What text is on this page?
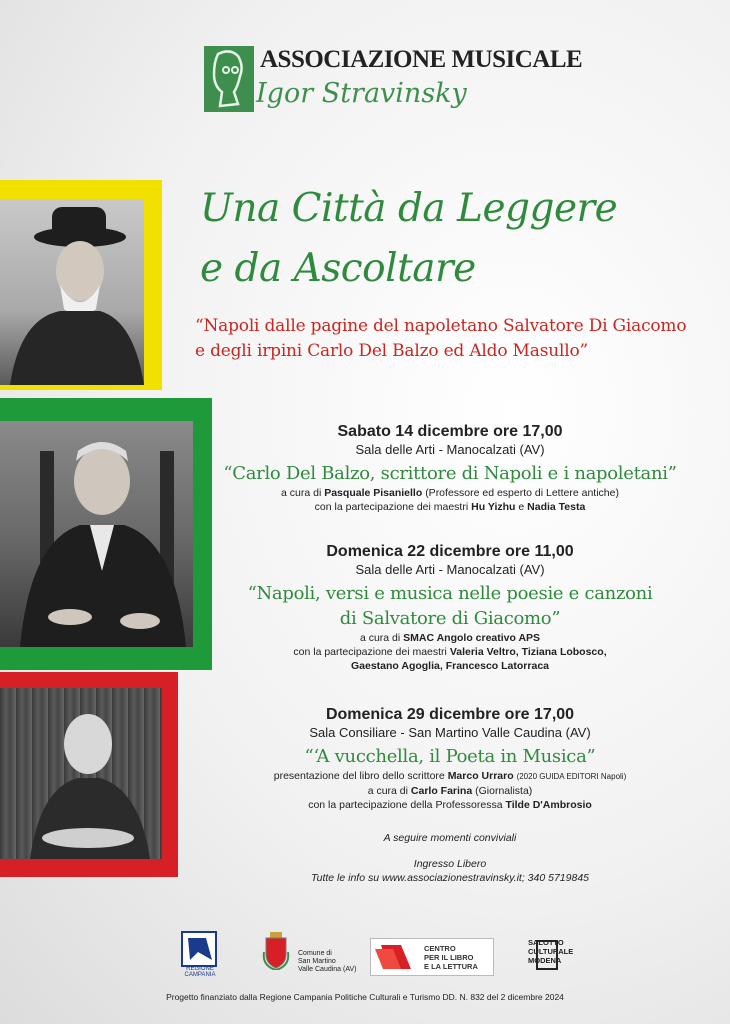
ASSOCIAZIONE MUSICALE
Igor Stravinsky
Una Città da Leggere
e da Ascoltare
“Napoli dalle pagine del napoletano Salvatore Di Giacomo
e degli irpini Carlo Del Balzo ed Aldo Masullo”
Sabato 14 dicembre ore 17,00
Sala delle Arti - Manocalzati (AV)
“Carlo Del Balzo, scrittore di Napoli e i napoletani”
a cura di Pasquale Pisaniello (Professore ed esperto di Lettere antiche)
con la partecipazione dei maestri Hu Yizhu e Nadia Testa
Domenica 22 dicembre ore 11,00
Sala delle Arti - Manocalzati (AV)
“Napoli, versi e musica nelle poesie e canzoni
di Salvatore di Giacomo”
a cura di SMAC Angolo creativo APS
con la partecipazione dei maestri Valeria Veltro, Tiziana Lobosco,
Gaestano Agoglia, Francesco Latorraca
Domenica 29 dicembre ore 17,00
Sala Consiliare - San Martino Valle Caudina (AV)
“‘A vucchella, il Poeta in Musica”
presentazione del libro dello scrittore Marco Urraro (2020 GUIDA EDITORI Napoli)
a cura di Carlo Farina (Giornalista)
con la partecipazione della Professoressa Tilde D'Ambrosio
A seguire momenti conviviali
Ingresso Libero
Tutte le info su www.associazionestravinsky.it; 340 5719845
REGIONE CAMPANIA
Comune di
San Martino
Valle Caudina (AV)
CENTRO
PER IL LIBRO
E LA LETTURA
SALOTTO
CULTURALE
MODENA
Progetto finanziato dalla Regione Campania Politiche Culturali e Turismo DD. N. 832 del 2 dicembre 2024
